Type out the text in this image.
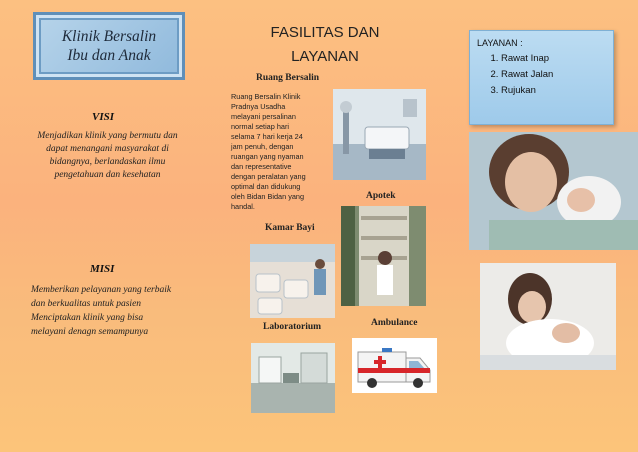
Klinik Bersalin
Ibu dan Anak
VISI
Menjadikan klinik yang bermutu dan
dapat menangani masyarakat di
bidangnya, berlandaskan ilmu
pengetahuan dan kesehatan
MISI
Memberikan pelayanan yang terbaik
dan berkualitas untuk pasien
Menciptakan klinik yang bisa
melayani denagn semampunya
FASILITAS DAN
LAYANAN
Ruang Bersalin
Ruang Bersalin Klinik
Pradnya Usadha
melayani persalinan
normal setiap hari
selama 7 hari kerja 24
jam penuh, dengan
ruangan yang nyaman
dan representative
dengan peralatan yang
optimal dan didukung
oleh Bidan Bidan yang
handal.
Apotek
Kamar Bayi
Laboratorium	Ambulance
LAYANAN :
1. Rawat Inap
2. Rawat Jalan
3. Rujukan
